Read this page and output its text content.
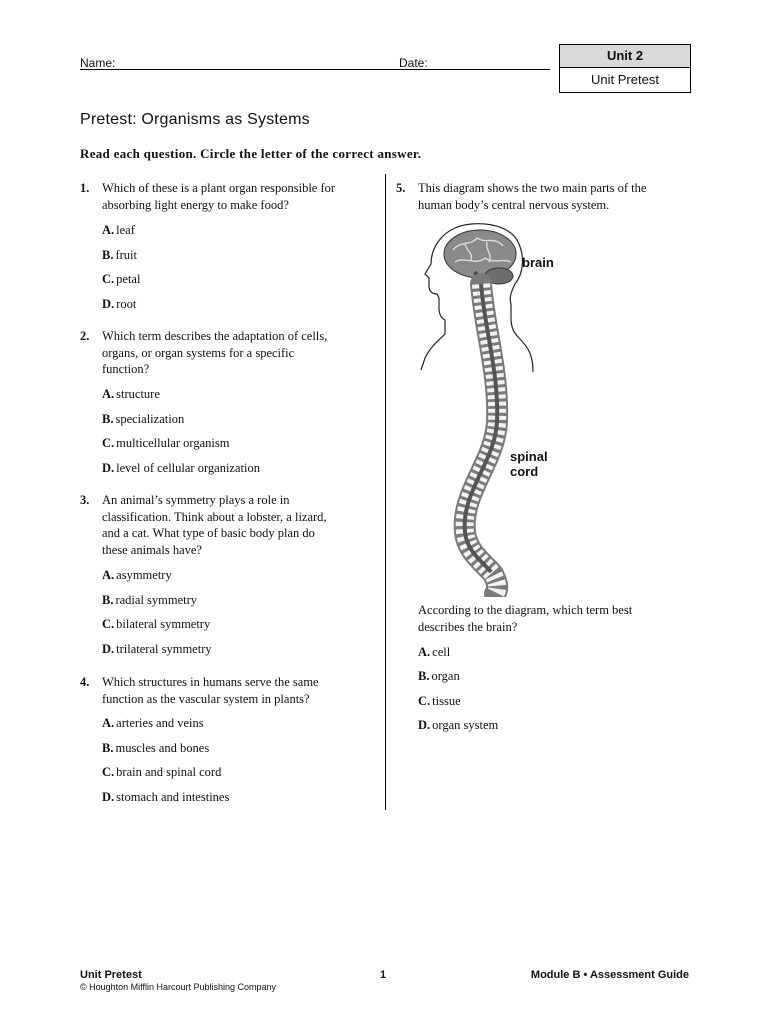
Name:	Date:	Unit 2
Unit Pretest
Pretest: Organisms as Systems
Read each question. Circle the letter of the correct answer.
1. Which of these is a plant organ responsible for
absorbing light energy to make food?
A. leaf
B. fruit
C. petal
D. root
2. Which term describes the adaptation of cells,
organs, or organ systems for a specific
function?
A. structure
B. specialization
C. multicellular organism
D. level of cellular organization
3. An animal’s symmetry plays a role in
classification. Think about a lobster, a lizard,
and a cat. What type of basic body plan do
these animals have?
A. asymmetry
B. radial symmetry
C. bilateral symmetry
D. trilateral symmetry
4. Which structures in humans serve the same
function as the vascular system in plants?
A. arteries and veins
B. muscles and bones
C. brain and spinal cord
D. stomach and intestines
5. This diagram shows the two main parts of the
human body’s central nervous system.
According to the diagram, which term best
describes the brain?
A. cell
B. organ
C. tissue
D. organ system
brain
spinal
cord
Unit Pretest
© Houghton Mifflin Harcourt Publishing Company
1	Module B • Assessment Guide
